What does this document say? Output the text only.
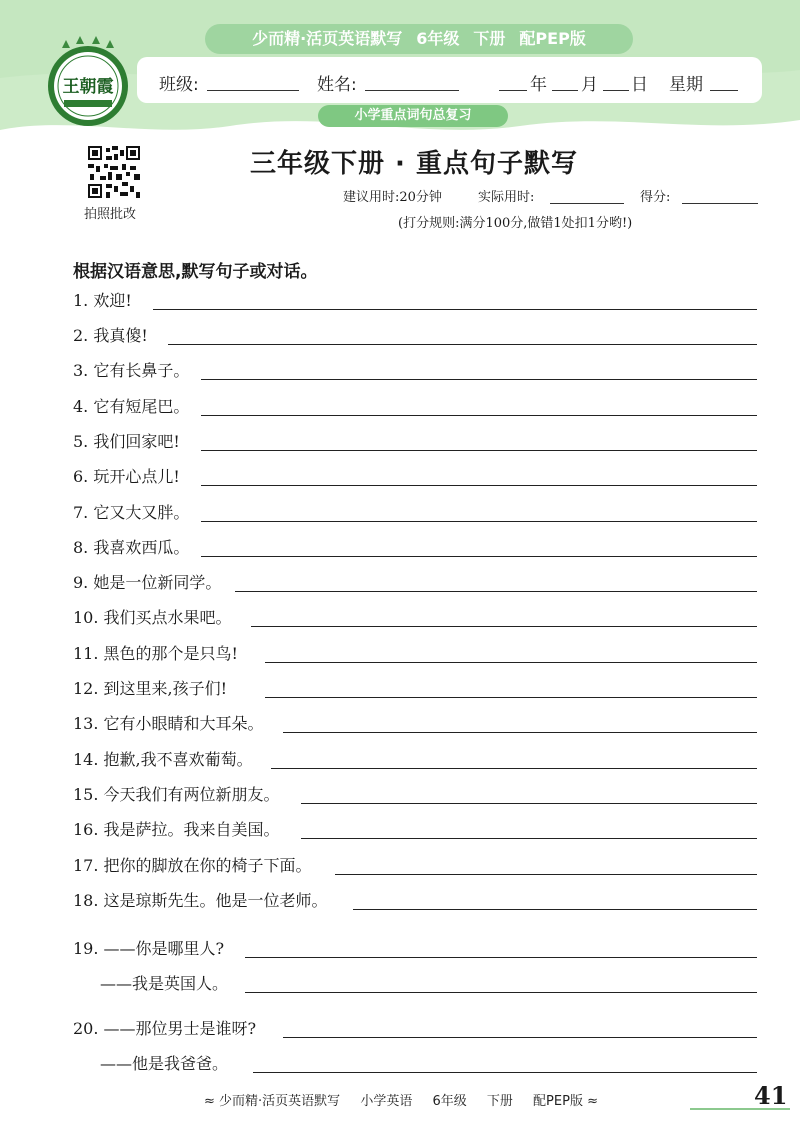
少而精·活页英语默写 6年级 下册 配PEP版
班级:	姓名:	年 月 日 星期
小学重点词句总复习
王朝霞
拍照批改
三年级下册 · 重点句子默写
建议用时:20分钟	实际用时:	得分:
(打分规则:满分100分,做错1处扣1分哟!)
根据汉语意思,默写句子或对话。
1. 欢迎!
2. 我真傻!
3. 它有长鼻子。
4. 它有短尾巴。
5. 我们回家吧!
6. 玩开心点儿!
7. 它又大又胖。
8. 我喜欢西瓜。
9. 她是一位新同学。
10. 我们买点水果吧。
11. 黑色的那个是只鸟!
12. 到这里来,孩子们!
13. 它有小眼睛和大耳朵。
14. 抱歉,我不喜欢葡萄。
15. 今天我们有两位新朋友。
16. 我是萨拉。我来自美国。
17. 把你的脚放在你的椅子下面。
18. 这是琼斯先生。他是一位老师。
19. ——你是哪里人?
——我是英国人。
20. ——那位男士是谁呀?
——他是我爸爸。
≈ 少而精·活页英语默写 小学英语 6年级 下册 配PEP版 ≈	41
